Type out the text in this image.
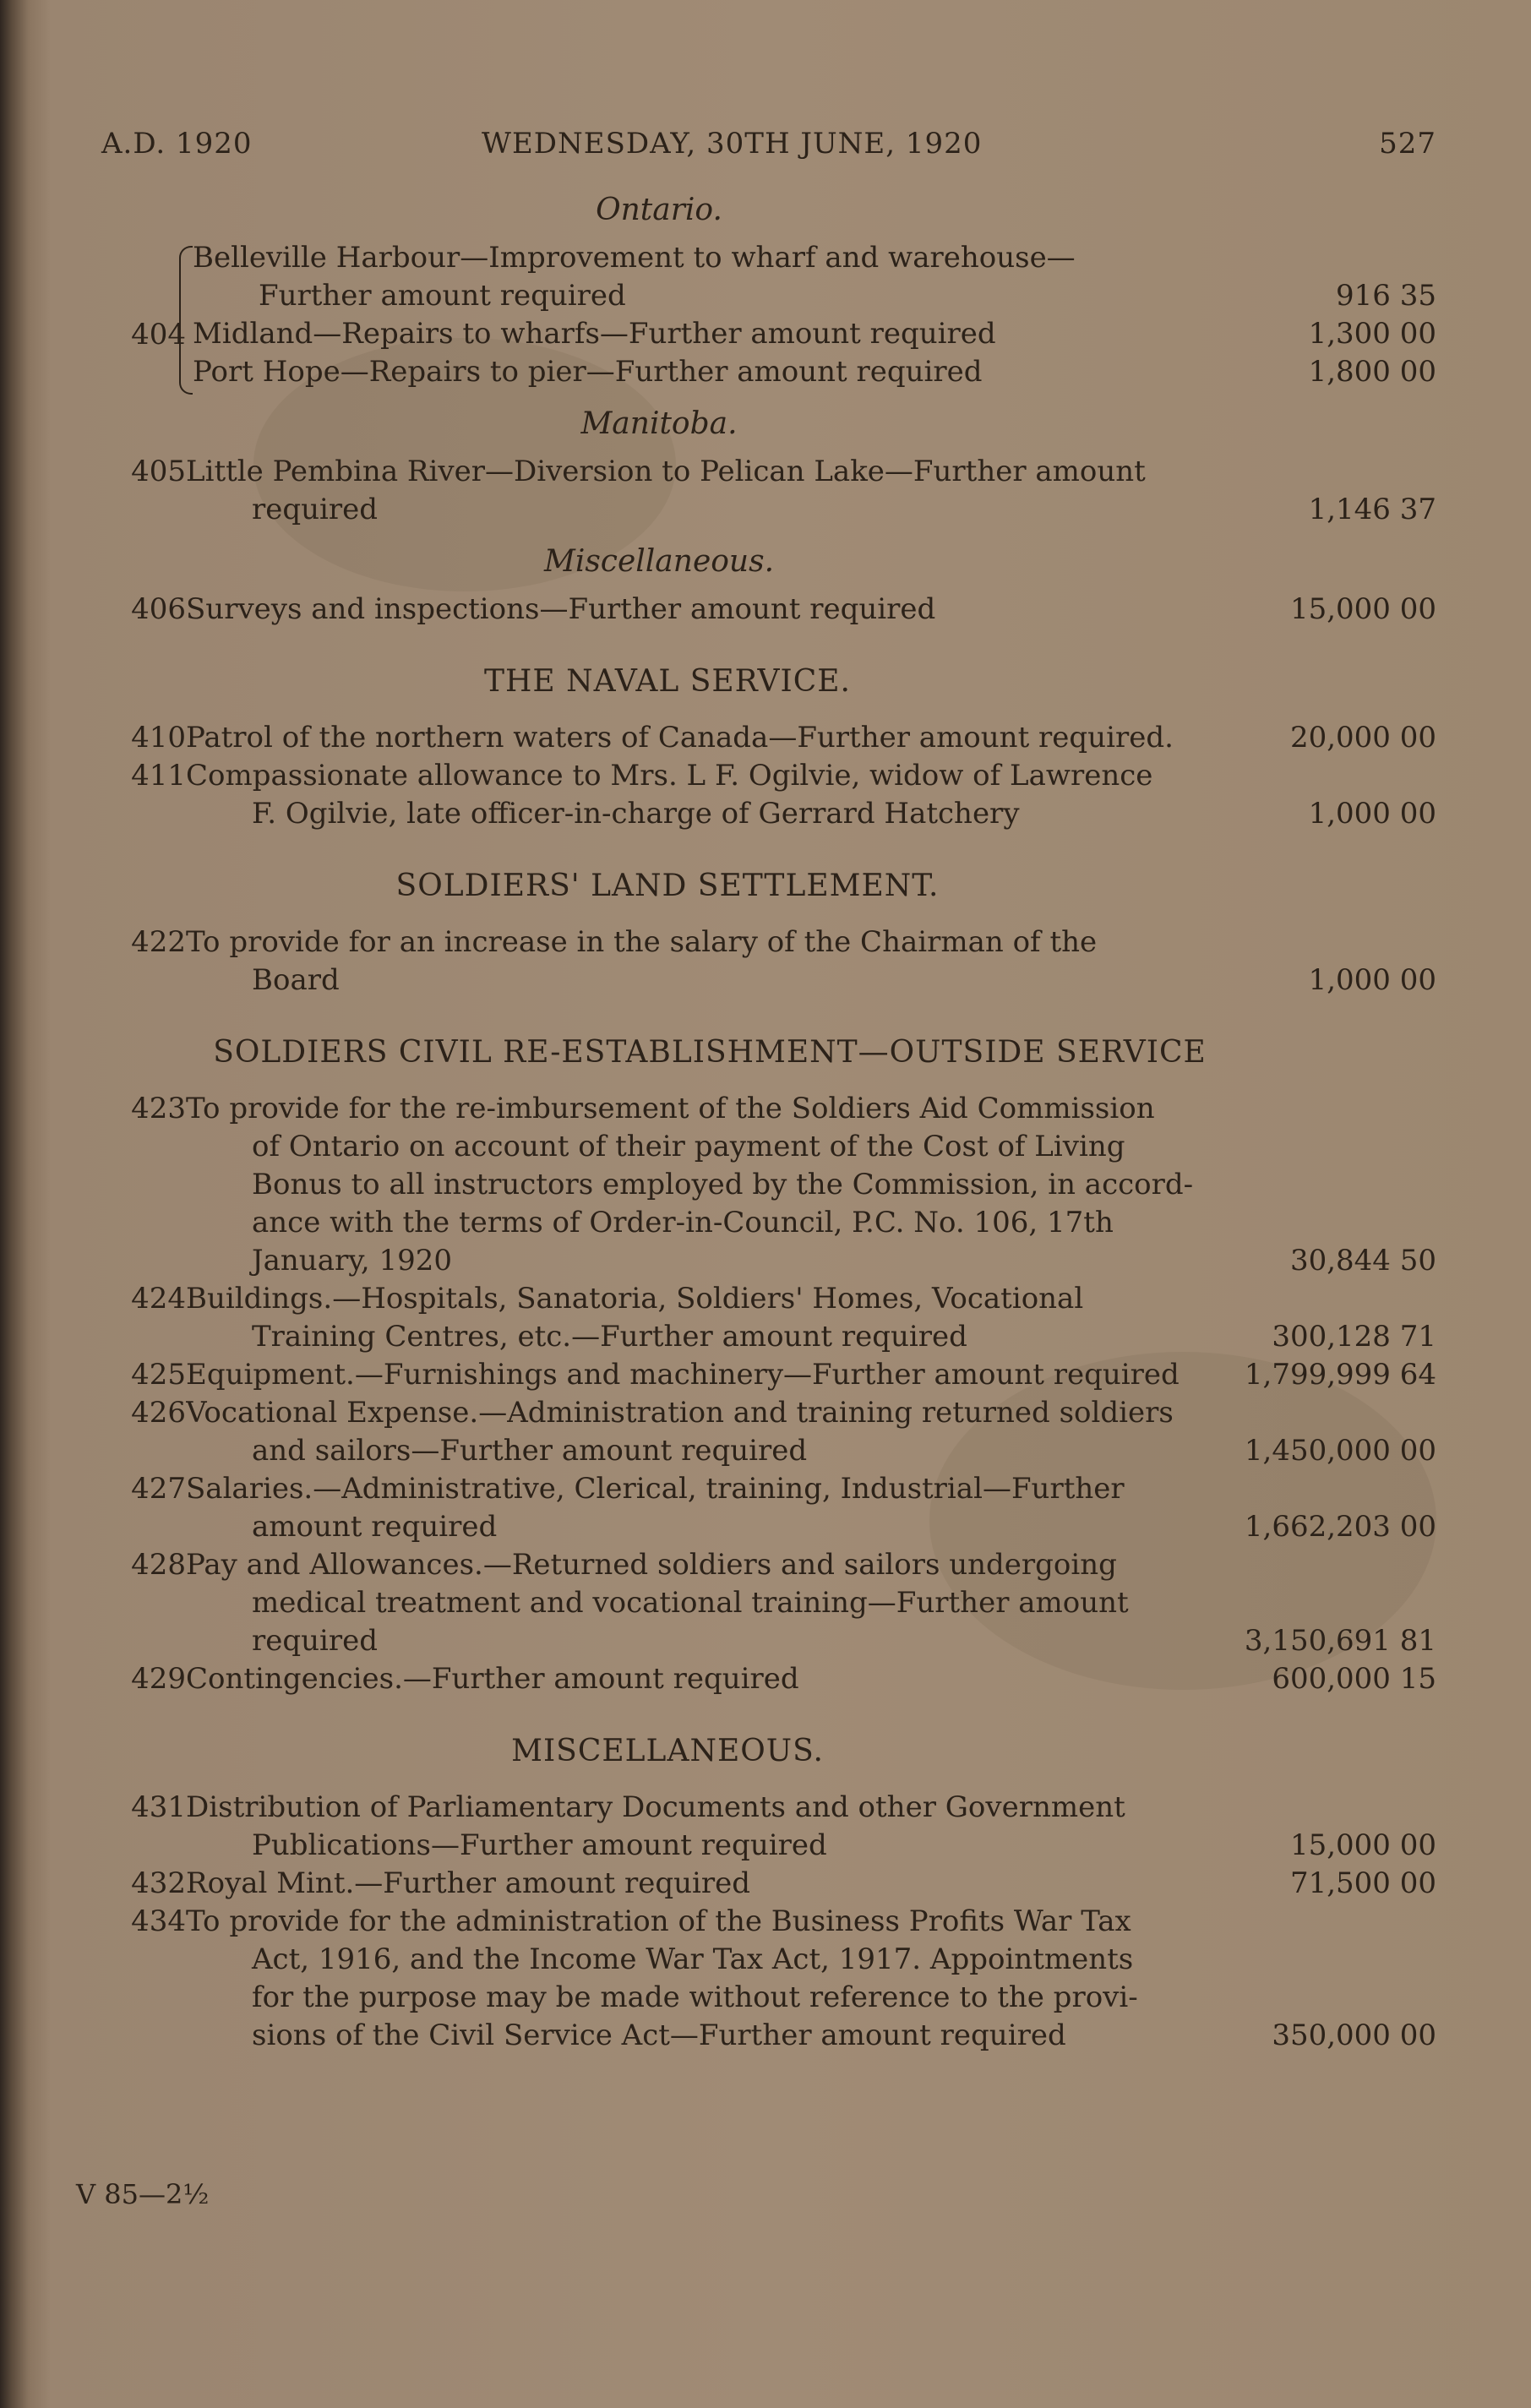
A.D. 1920	WEDNESDAY, 30TH JUNE, 1920	527
Ontario.
404
Belleville Harbour—Improvement to wharf and warehouse—
Further amount required	916 35
Midland—Repairs to wharfs—Further amount required	1,300 00
Port Hope—Repairs to pier—Further amount required	1,800 00
Manitoba.
405 Little Pembina River—Diversion to Pelican Lake—Further amount
required	1,146 37
Miscellaneous.
406 Surveys and inspections—Further amount required	15,000 00
THE NAVAL SERVICE.
410 Patrol of the northern waters of Canada—Further amount required.	20,000 00
411 Compassionate allowance to Mrs. L F. Ogilvie, widow of Lawrence
F. Ogilvie, late officer-in-charge of Gerrard Hatchery	1,000 00
SOLDIERS' LAND SETTLEMENT.
422 To provide for an increase in the salary of the Chairman of the
Board	1,000 00
SOLDIERS CIVIL RE-ESTABLISHMENT—OUTSIDE SERVICE
423 To provide for the re-imbursement of the Soldiers Aid Commission
of Ontario on account of their payment of the Cost of Living
Bonus to all instructors employed by the Commission, in accord-
ance with the terms of Order-in-Council, P.C. No. 106, 17th
January, 1920	30,844 50
424 Buildings.—Hospitals, Sanatoria, Soldiers' Homes, Vocational
Training Centres, etc.—Further amount required	300,128 71
425 Equipment.—Furnishings and machinery—Further amount required	1,799,999 64
426 Vocational Expense.—Administration and training returned soldiers
and sailors—Further amount required	1,450,000 00
427 Salaries.—Administrative, Clerical, training, Industrial—Further
amount required	1,662,203 00
428 Pay and Allowances.—Returned soldiers and sailors undergoing
medical treatment and vocational training—Further amount
required	3,150,691 81
429 Contingencies.—Further amount required	600,000 15
MISCELLANEOUS.
431 Distribution of Parliamentary Documents and other Government
Publications—Further amount required	15,000 00
432 Royal Mint.—Further amount required	71,500 00
434 To provide for the administration of the Business Profits War Tax
Act, 1916, and the Income War Tax Act, 1917. Appointments
for the purpose may be made without reference to the provi-
sions of the Civil Service Act—Further amount required	350,000 00
V 85—2½
